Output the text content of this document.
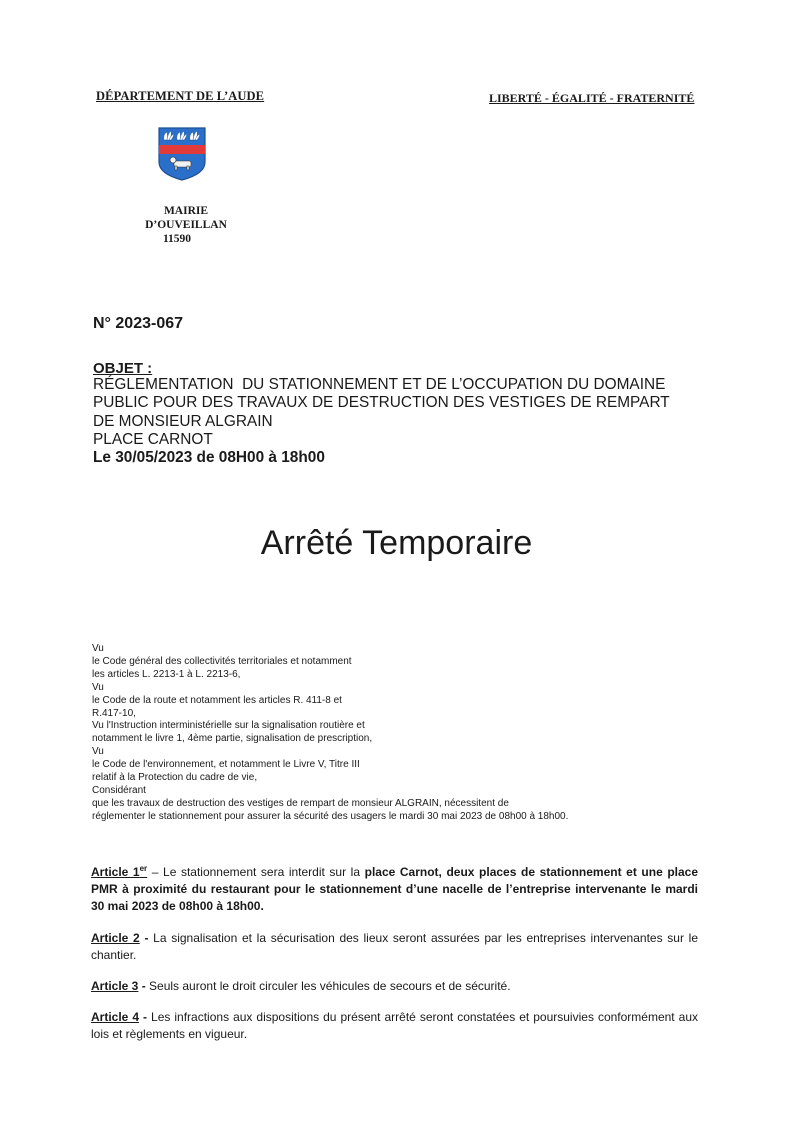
DÉPARTEMENT DE L’AUDE	LIBERTÉ - ÉGALITÉ - FRATERNITÉ
MAIRIE
D’OUVEILLAN
11590
N° 2023-067
OBJET :
RÉGLEMENTATION  DU STATIONNEMENT ET DE L’OCCUPATION DU DOMAINE
PUBLIC POUR DES TRAVAUX DE DESTRUCTION DES VESTIGES DE REMPART
DE MONSIEUR ALGRAIN
PLACE CARNOT
Le 30/05/2023 de 08H00 à 18h00
Arrêté Temporaire
Vu
le Code général des collectivités territoriales et notamment
les articles L. 2213-1 à L. 2213-6,
Vu
le Code de la route et notamment les articles R. 411-8 et
R.417-10,
Vu l'Instruction interministérielle sur la signalisation routière et
notamment le livre 1, 4ème partie, signalisation de prescription,
Vu
le Code de l'environnement, et notamment le Livre V, Titre III
relatif à la Protection du cadre de vie,
Considérant
que les travaux de destruction des vestiges de rempart de monsieur ALGRAIN, nécessitent de
réglementer le stationnement pour assurer la sécurité des usagers le mardi 30 mai 2023 de 08h00 à 18h00.

Article 1er – Le stationnement sera interdit sur la place Carnot, deux places de stationnement et une place PMR à proximité du restaurant pour le stationnement d’une nacelle de l’entreprise intervenante le mardi 30 mai 2023 de 08h00 à 18h00.

Article 2 - La signalisation et la sécurisation des lieux seront assurées par les entreprises intervenantes sur le chantier.

Article 3 - Seuls auront le droit circuler les véhicules de secours et de sécurité.

Article 4 - Les infractions aux dispositions du présent arrêté seront constatées et poursuivies conformément aux lois et règlements en vigueur.
